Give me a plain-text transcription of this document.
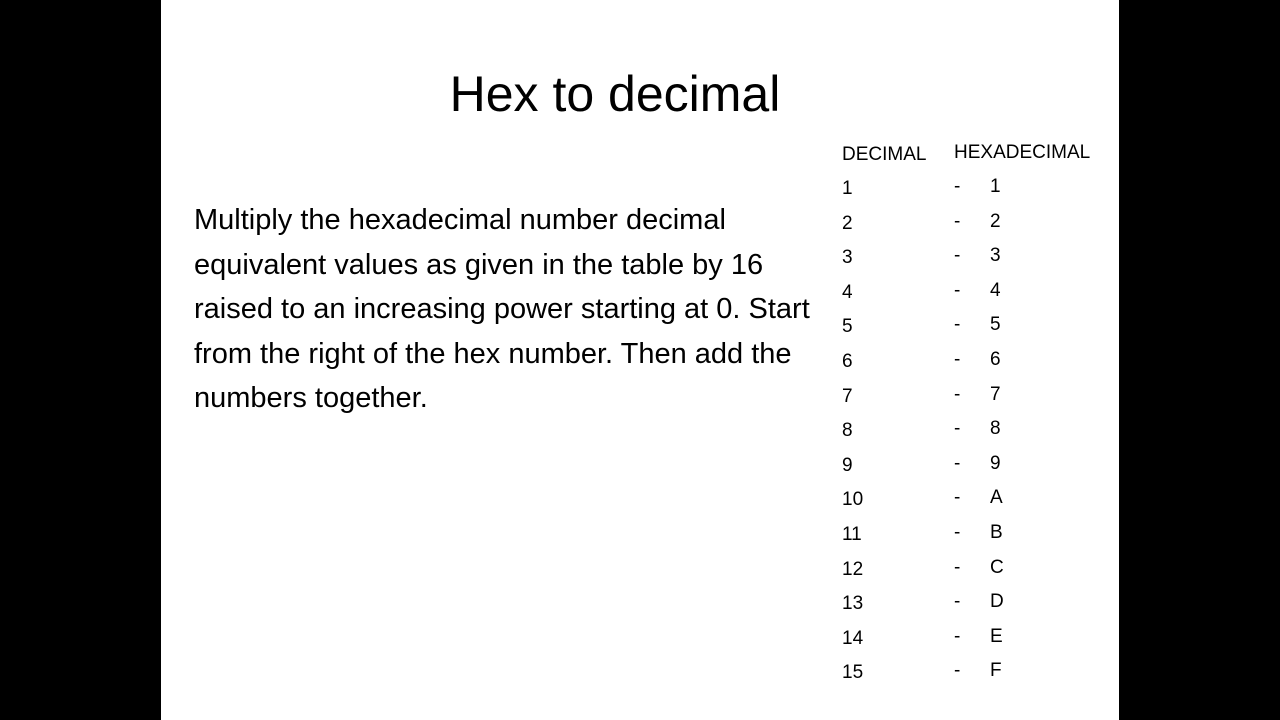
Hex to decimal

Multiply the hexadecimal number decimal equivalent values as given in the table by 16 raised to an increasing power starting at 0. Start from the right of the hex number. Then add the numbers together.

DECIMAL HEXADECIMAL
1
2
3
4
5
6
7
8
9
10
11
12
13
14
15
- 1
- 2
- 3
- 4
- 5
- 6
- 7
- 8
- 9
- A
- B
- C
- D
- E
- F
